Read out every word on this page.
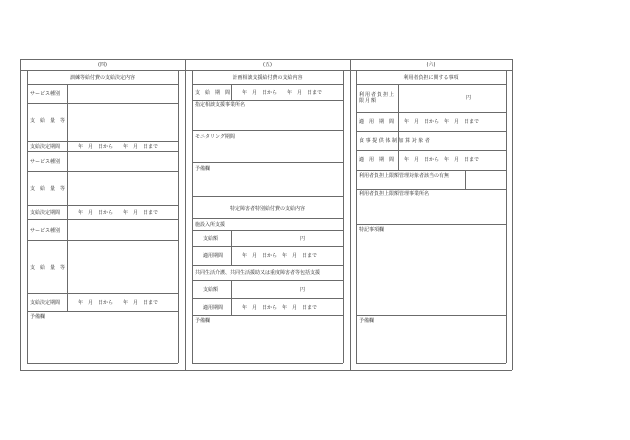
(四)	(五)	(六)
訓練等給付費の支給決定内容
サービス種別
支　給　量　等
支給決定期間	年　月　日から　　年　月　日まで
サービス種別
支　給　量　等
支給決定期間	年　月　日から　　年　月　日まで
サービス種別
支　給　量　等
支給決定期間	年　月　日から　　年　月　日まで
予備欄
計画相談支援給付費の支給内容
支　給　期　間 年　月　日から　　年　月　日まで
指定相談支援事業所名
モニタリング期間
予備欄
特定障害者特別給付費の支給内容
施設入所支援
支給額	円
適用期間	年　月　日から　年　月　日まで
共同生活介護、共同生活援助又は重度障害者等包括支援
支給額	円
適用期間	年　月　日から　年　月　日まで
予備欄
利用者負担に関する事項
利用者負担上限月額	円
適　用　期　間 年　月　日から　年　月　日まで
食 事 提 供 体 制 加 算 対 象 者
適　用　期　間 年　月　日から　年　月　日まで
利用者負担上限額管理対象者該当の有無
利用者負担上限額管理事業所名
特記事項欄
予備欄
